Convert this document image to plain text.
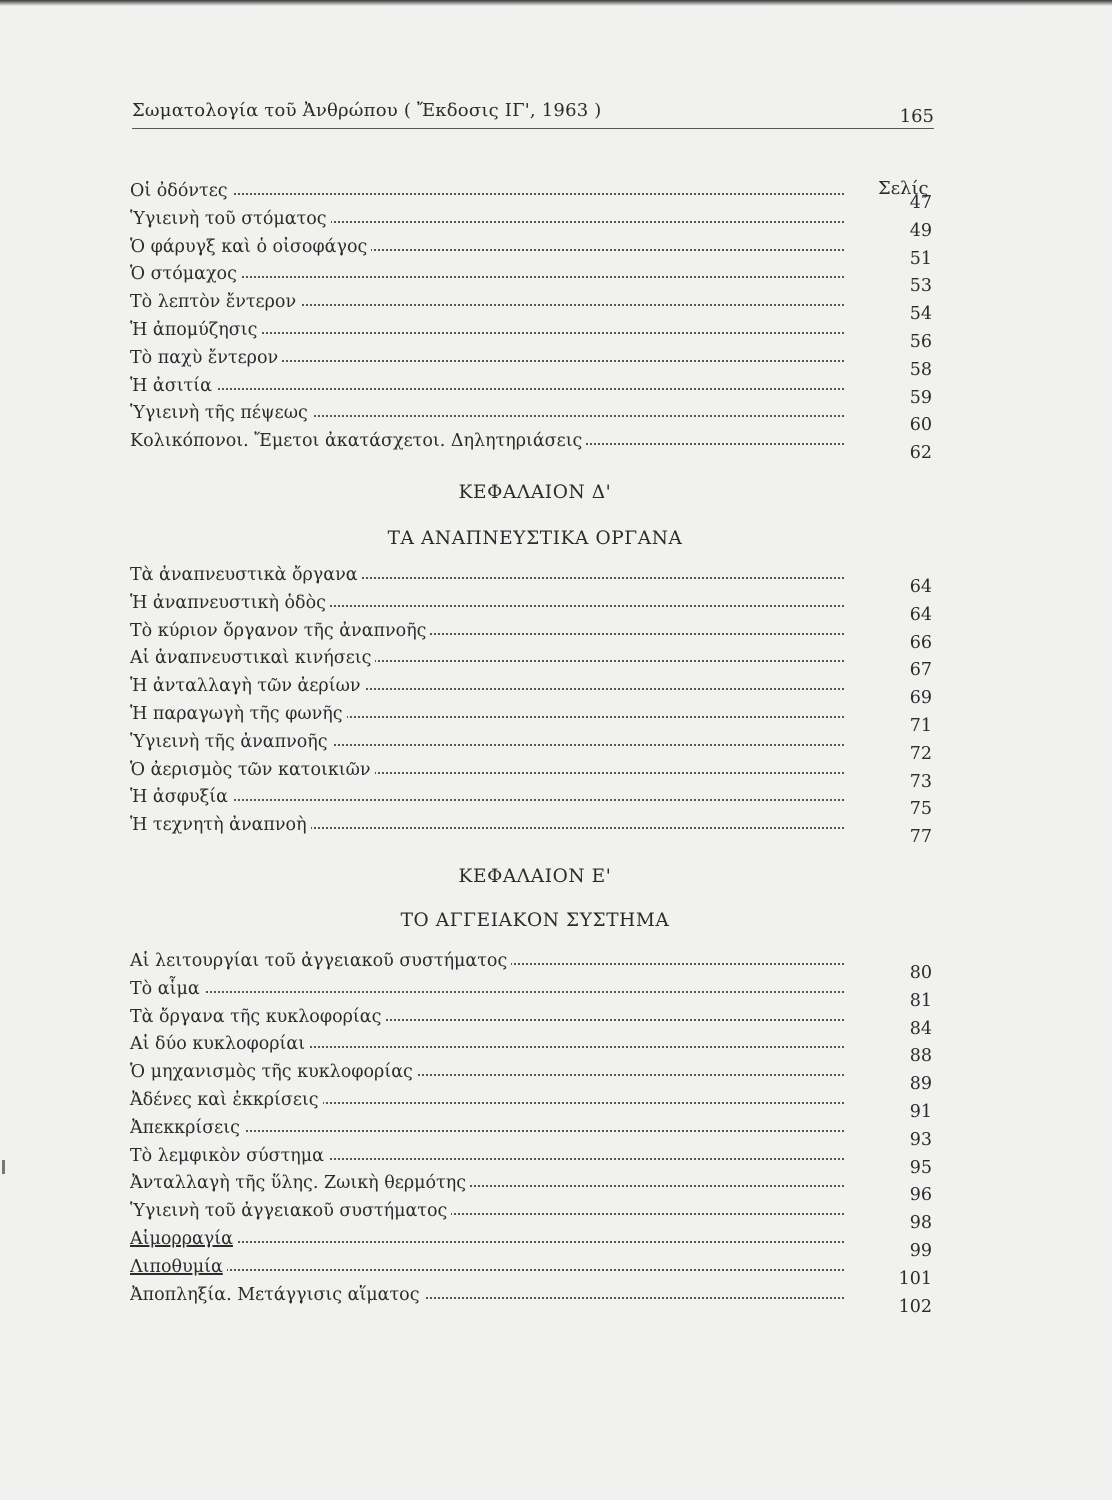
Σωματολογία τοῦ Ἀνθρώπου ( Ἔκδοσις ΙΓ', 1963 )	165
Σελίς
Οἱ ὀδόντες
47
Ὑγιεινὴ τοῦ στόματος
49
Ὁ φάρυγξ καὶ ὁ οἰσοφάγος
51
Ὁ στόμαχος
53
Τὸ λεπτὸν ἔντερον
54
Ἡ ἀπομύζησις
56
Τὸ παχὺ ἔντερον
58
Ἡ ἀσιτία
59
Ὑγιεινὴ τῆς πέψεως
60
Κολικόπονοι. Ἔμετοι ἀκατάσχετοι. Δηλητηριάσεις
62
ΚΕΦΑΛΑΙΟΝ Δ'
ΤΑ ΑΝΑΠΝΕΥΣΤΙΚΑ ΟΡΓΑΝΑ
Τὰ ἀναπνευστικὰ ὄργανα
64
Ἡ ἀναπνευστικὴ ὁδὸς
64
Τὸ κύριον ὄργανον τῆς ἀναπνοῆς
66
Αἱ ἀναπνευστικαὶ κινήσεις
67
Ἡ ἀνταλλαγὴ τῶν ἀερίων
69
Ἡ παραγωγὴ τῆς φωνῆς
71
Ὑγιεινὴ τῆς ἀναπνοῆς
72
Ὁ ἀερισμὸς τῶν κατοικιῶν
73
Ἡ ἀσφυξία
75
Ἡ τεχνητὴ ἀναπνοὴ
77
ΚΕΦΑΛΑΙΟΝ Ε'
ΤΟ ΑΓΓΕΙΑΚΟΝ ΣΥΣΤΗΜΑ
Αἱ λειτουργίαι τοῦ ἀγγειακοῦ συστήματος
80
Τὸ αἷμα
81
Τὰ ὄργανα τῆς κυκλοφορίας
84
Αἱ δύο κυκλοφορίαι
88
Ὁ μηχανισμὸς τῆς κυκλοφορίας
89
Ἀδένες καὶ ἐκκρίσεις
91
Ἀπεκκρίσεις
93
Τὸ λεμφικὸν σύστημα
95
Ἀνταλλαγὴ τῆς ὕλης. Ζωικὴ θερμότης
96
Ὑγιεινὴ τοῦ ἀγγειακοῦ συστήματος
98
Αἱμορραγία
99
Λιποθυμία
101
Ἀποπληξία. Μετάγγισις αἵματος
102
